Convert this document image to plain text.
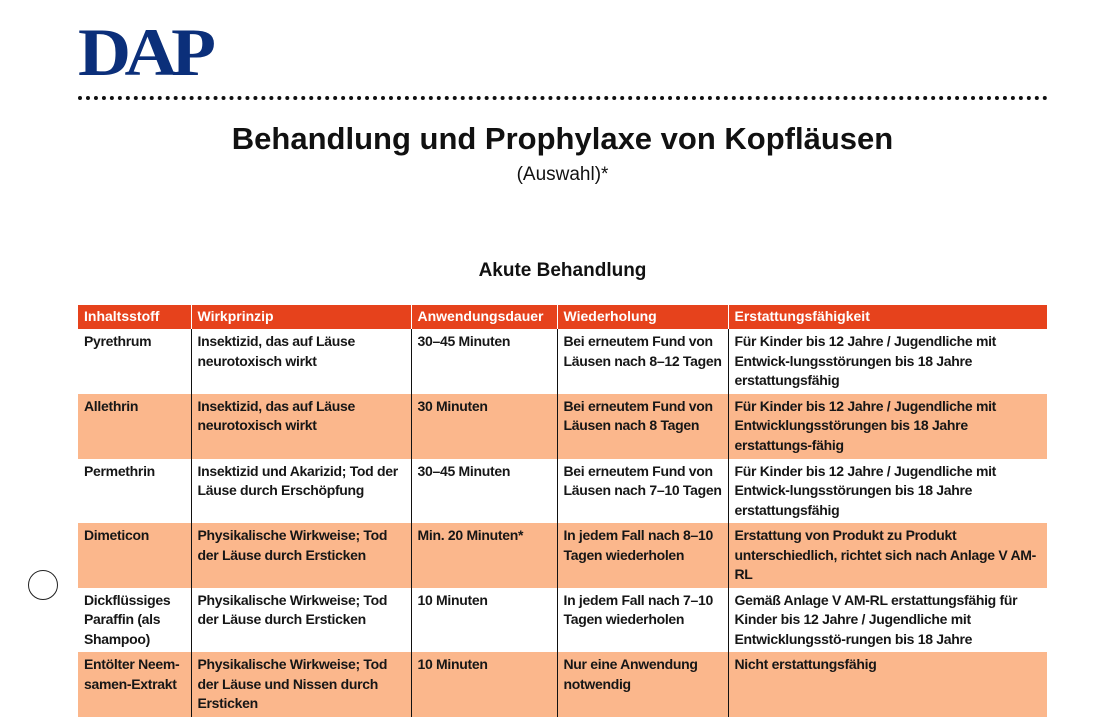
DAP
Behandlung und Prophylaxe von Kopfläusen
(Auswahl)*
Akute Behandlung
Inhaltsstoff	Wirkprinzip	Anwendungsdauer	Wiederholung	Erstattungsfähigkeit
Pyrethrum	Insektizid, das auf Läuse neurotoxisch wirkt	30–45 Minuten	Bei erneutem Fund von Läusen nach 8–12 Tagen	Für Kinder bis 12 Jahre / Jugendliche mit Entwick-lungsstörungen bis 18 Jahre erstattungsfähig
Allethrin	Insektizid, das auf Läuse neurotoxisch wirkt	30 Minuten	Bei erneutem Fund von Läusen nach 8 Tagen	Für Kinder bis 12 Jahre / Jugendliche mit Entwicklungsstörungen bis 18 Jahre erstattungs-fähig
Permethrin	Insektizid und Akarizid; Tod der Läuse durch Erschöpfung	30–45 Minuten	Bei erneutem Fund von Läusen nach 7–10 Tagen	Für Kinder bis 12 Jahre / Jugendliche mit Entwick-lungsstörungen bis 18 Jahre erstattungsfähig
Dimeticon	Physikalische Wirkweise; Tod der Läuse durch Ersticken	Min. 20 Minuten*	In jedem Fall nach 8–10 Tagen wiederholen	Erstattung von Produkt zu Produkt unterschiedlich, richtet sich nach Anlage V AM-RL
Dickflüssiges Paraffin (als Shampoo)	Physikalische Wirkweise; Tod der Läuse durch Ersticken	10 Minuten	In jedem Fall nach 7–10 Tagen wiederholen	Gemäß Anlage V AM-RL erstattungsfähig für Kinder bis 12 Jahre / Jugendliche mit Entwicklungsstö-rungen bis 18 Jahre
Entölter Neem-samen-Extrakt	Physikalische Wirkweise; Tod der Läuse und Nissen durch Ersticken	10 Minuten	Nur eine Anwendung notwendig	Nicht erstattungsfähig
